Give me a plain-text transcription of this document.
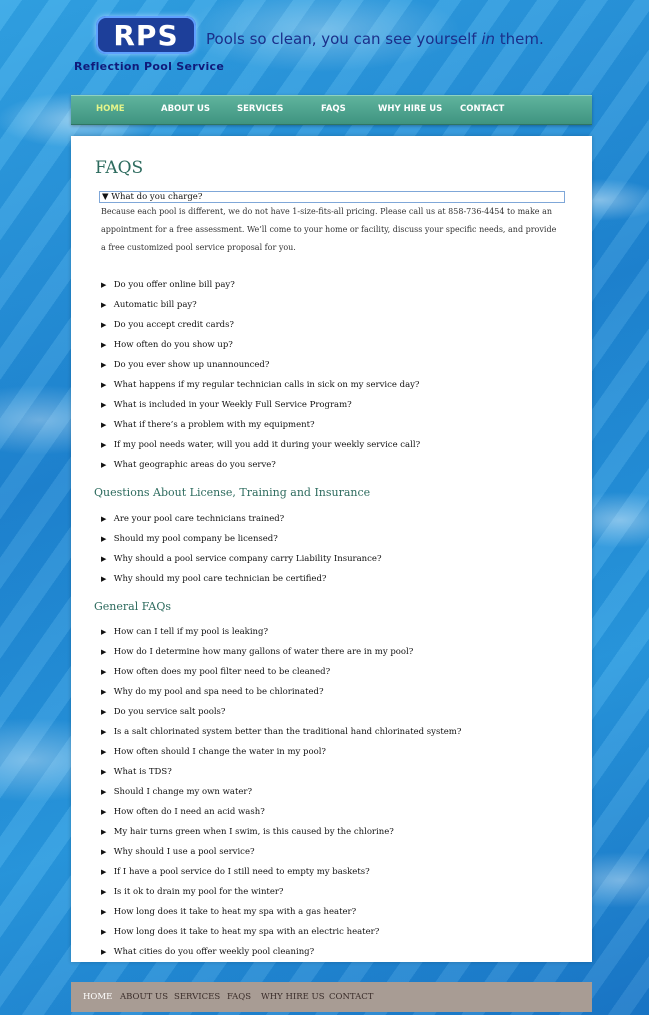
RPS Pools so clean, you can see yourself in them.
Reflection Pool Service
HOME	ABOUT US	SERVICES	FAQS	WHY HIRE US CONTACT
FAQS
▼ What do you charge?
Because each pool is different, we do not have 1-size-fits-all pricing. Please call us at 858-736-4454 to make an appointment for a free assessment. We’ll come to your home or facility, discuss your specific needs, and provide a free customized pool service proposal for you.
▶ Do you offer online bill pay?
▶ Automatic bill pay?
▶ Do you accept credit cards?
▶ How often do you show up?
▶ Do you ever show up unannounced?
▶ What happens if my regular technician calls in sick on my service day?
▶ What is included in your Weekly Full Service Program?
▶ What if there’s a problem with my equipment?
▶ If my pool needs water, will you add it during your weekly service call?
▶ What geographic areas do you serve?
Questions About License, Training and Insurance
▶ Are your pool care technicians trained?
▶ Should my pool company be licensed?
▶ Why should a pool service company carry Liability Insurance?
▶ Why should my pool care technician be certified?
General FAQs
▶ How can I tell if my pool is leaking?
▶ How do I determine how many gallons of water there are in my pool?
▶ How often does my pool filter need to be cleaned?
▶ Why do my pool and spa need to be chlorinated?
▶ Do you service salt pools?
▶ Is a salt chlorinated system better than the traditional hand chlorinated system?
▶ How often should I change the water in my pool?
▶ What is TDS?
▶ Should I change my own water?
▶ How often do I need an acid wash?
▶ My hair turns green when I swim, is this caused by the chlorine?
▶ Why should I use a pool service?
▶ If I have a pool service do I still need to empty my baskets?
▶ Is it ok to drain my pool for the winter?
▶ How long does it take to heat my spa with a gas heater?
▶ How long does it take to heat my spa with an electric heater?
▶ What cities do you offer weekly pool cleaning?
HOME ABOUT US SERVICES FAQS WHY HIRE US CONTACT
